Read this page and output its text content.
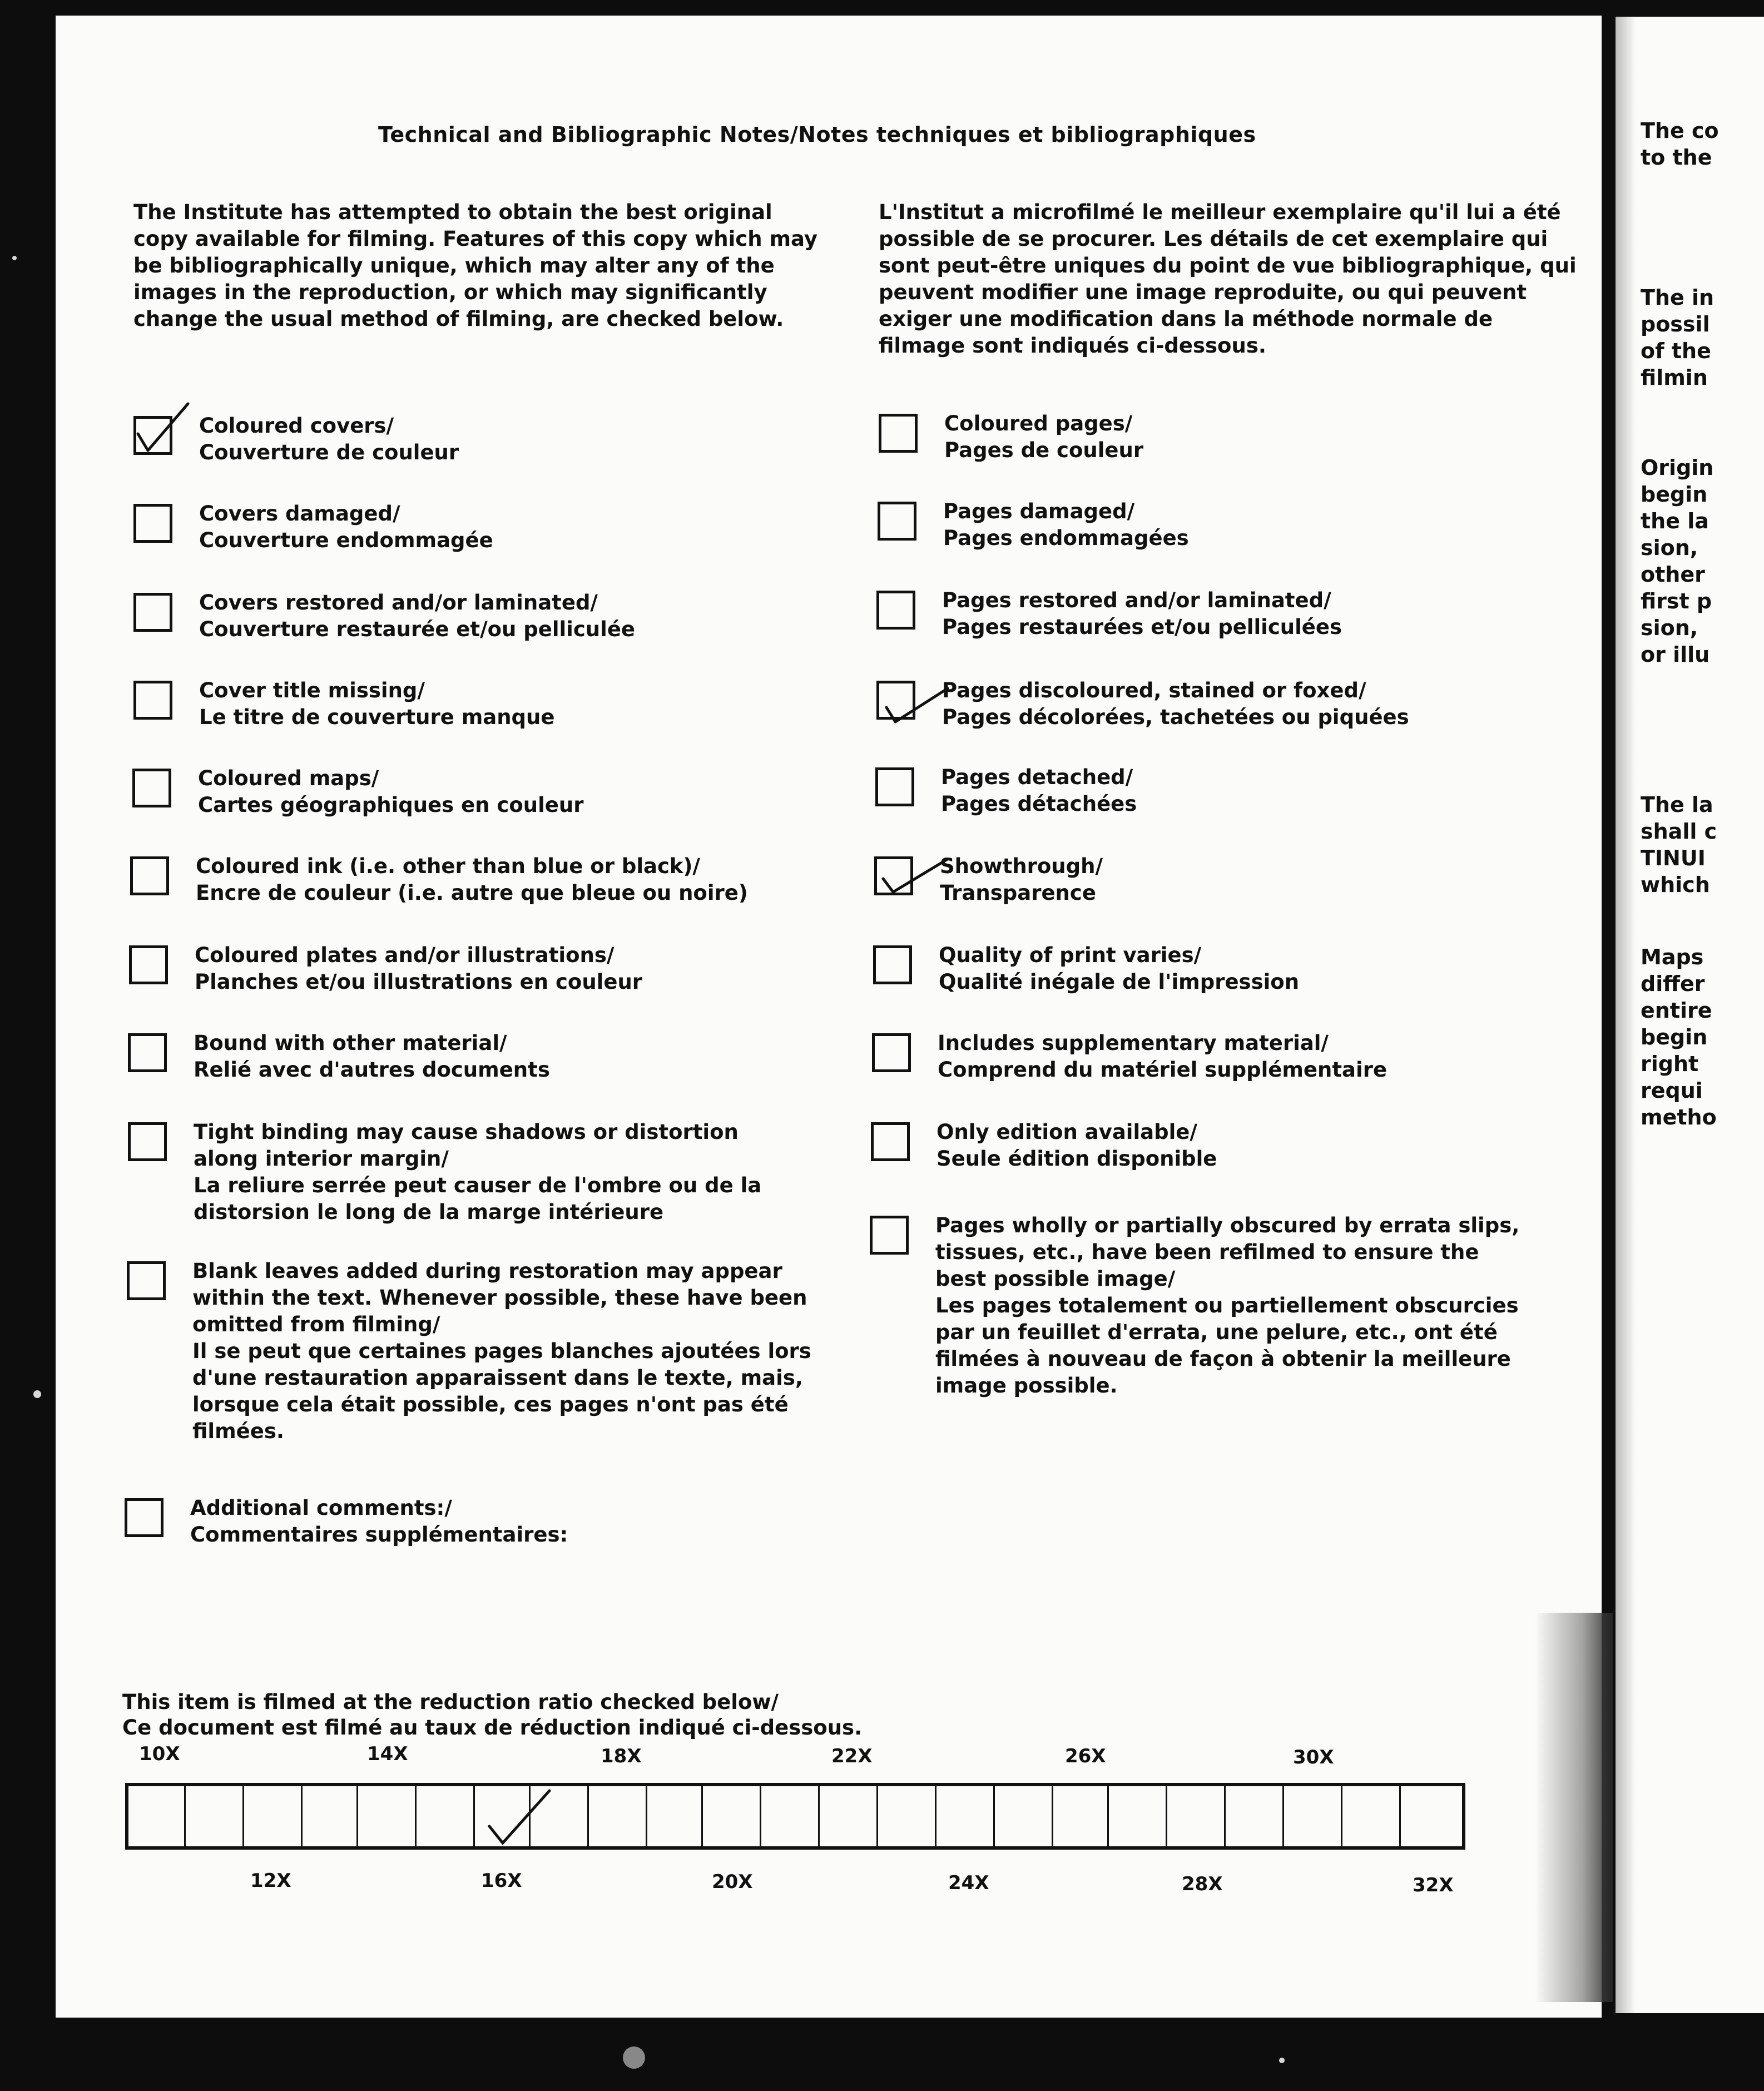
Technical and Bibliographic Notes/Notes techniques et bibliographiques
The Institute has attempted to obtain the best original copy available for filming. Features of this copy which may be bibliographically unique, which may alter any of the images in the reproduction, or which may significantly change the usual method of filming, are checked below.
L'Institut a microfilmé le meilleur exemplaire qu'il lui a été possible de se procurer. Les détails de cet exemplaire qui sont peut-être uniques du point de vue bibliographique, qui peuvent modifier une image reproduite, ou qui peuvent exiger une modification dans la méthode normale de filmage sont indiqués ci-dessous.
Coloured covers/
Couverture de couleur
Covers damaged/
Couverture endommagée
Covers restored and/or laminated/
Couverture restaurée et/ou pelliculée
Cover title missing/
Le titre de couverture manque
Coloured maps/
Cartes géographiques en couleur
Coloured ink (i.e. other than blue or black)/
Encre de couleur (i.e. autre que bleue ou noire)
Coloured plates and/or illustrations/
Planches et/ou illustrations en couleur
Bound with other material/
Relié avec d'autres documents
Tight binding may cause shadows or distortion along interior margin/
La reliure serrée peut causer de l'ombre ou de la distorsion le long de la marge intérieure
Blank leaves added during restoration may appear within the text. Whenever possible, these have been omitted from filming/
Il se peut que certaines pages blanches ajoutées lors d'une restauration apparaissent dans le texte, mais, lorsque cela était possible, ces pages n'ont pas été filmées.
Additional comments:/
Commentaires supplémentaires:
Coloured pages/
Pages de couleur
Pages damaged/
Pages endommagées
Pages restored and/or laminated/
Pages restaurées et/ou pelliculées
Pages discoloured, stained or foxed/
Pages décolorées, tachetées ou piquées
Pages detached/
Pages détachées
Showthrough/
Transparence
Quality of print varies/
Qualité inégale de l'impression
Includes supplementary material/
Comprend du matériel supplémentaire
Only edition available/
Seule édition disponible
Pages wholly or partially obscured by errata slips, tissues, etc., have been refilmed to ensure the best possible image/
Les pages totalement ou partiellement obscurcies par un feuillet d'errata, une pelure, etc., ont été filmées à nouveau de façon à obtenir la meilleure image possible.
This item is filmed at the reduction ratio checked below/
Ce document est filmé au taux de réduction indiqué ci-dessous.
10X	14X	18X	22X	26X	30X
12X	16X	20X	24X	28X	32X
The co
to the
The in
possil
of the
filmin
Origin
begin
the la
sion,
other
first p
sion,
or illu
The la
shall c
TINUI
which
Maps
differ
entire
begin
right
requi
metho
